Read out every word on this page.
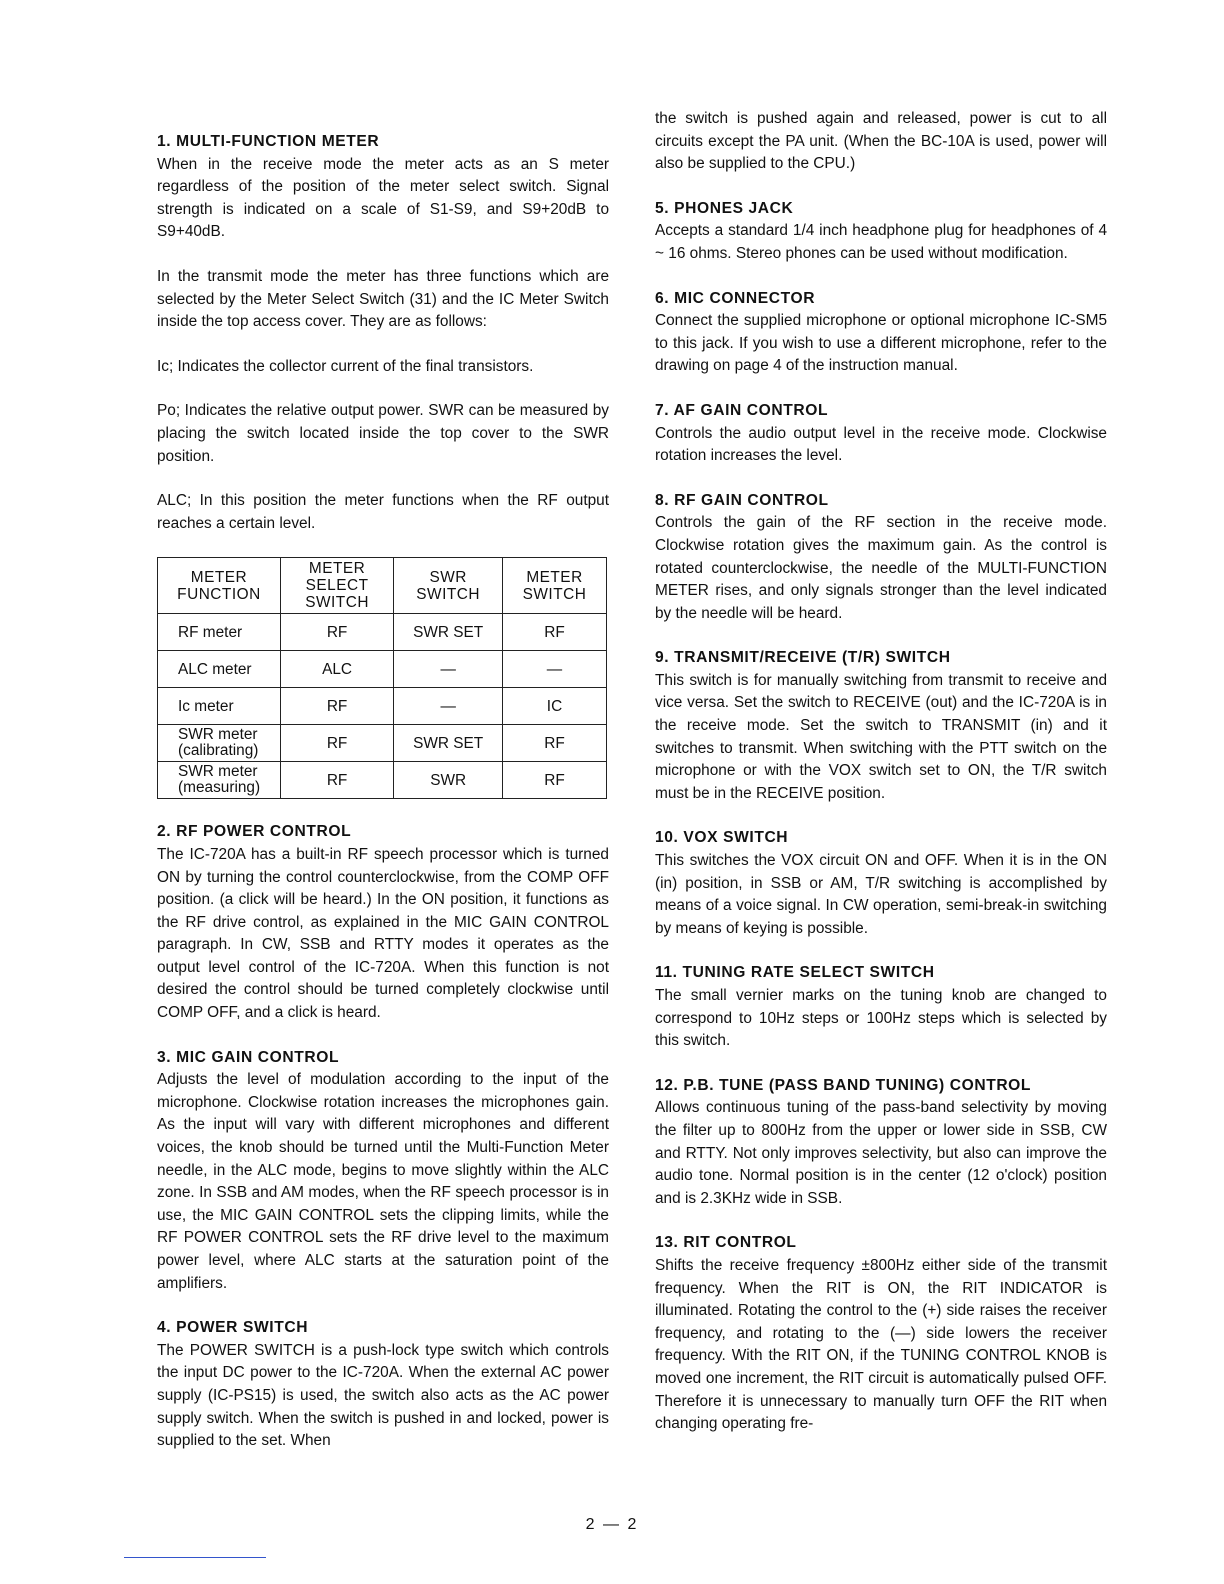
1. MULTI-FUNCTION METER

When in the receive mode the meter acts as an S meter regardless of the position of the meter select switch. Signal strength is indicated on a scale of S1-S9, and S9+20dB to S9+40dB.

In the transmit mode the meter has three functions which are selected by the Meter Select Switch (31) and the IC Meter Switch inside the top access cover. They are as follows:

Ic; Indicates the collector current of the final transistors.

Po; Indicates the relative output power. SWR can be measured by placing the switch located inside the top cover to the SWR position.

ALC; In this position the meter functions when the RF output reaches a certain level.

METER FUNCTION	METER SELECT SWITCH	SWR SWITCH	METER SWITCH
RF meter	RF	SWR SET	RF
ALC meter	ALC	—	—
Ic meter	RF	—	IC
SWR meter (calibrating)	RF	SWR SET	RF
SWR meter (measuring)	RF	SWR	RF
2. RF POWER CONTROL

The IC-720A has a built-in RF speech processor which is turned ON by turning the control counterclockwise, from the COMP OFF position. (a click will be heard.) In the ON position, it functions as the RF drive control, as explained in the MIC GAIN CONTROL paragraph. In CW, SSB and RTTY modes it operates as the output level control of the IC-720A. When this function is not desired the control should be turned completely clockwise until COMP OFF, and a click is heard.

3. MIC GAIN CONTROL

Adjusts the level of modulation according to the input of the microphone. Clockwise rotation increases the microphones gain. As the input will vary with different microphones and different voices, the knob should be turned until the Multi-Function Meter needle, in the ALC mode, begins to move slightly within the ALC zone. In SSB and AM modes, when the RF speech processor is in use, the MIC GAIN CONTROL sets the clipping limits, while the RF POWER CONTROL sets the RF drive level to the maximum power level, where ALC starts at the saturation point of the amplifiers.

4. POWER SWITCH

The POWER SWITCH is a push-lock type switch which controls the input DC power to the IC-720A. When the external AC power supply (IC-PS15) is used, the switch also acts as the AC power supply switch. When the switch is pushed in and locked, power is supplied to the set. When

the switch is pushed again and released, power is cut to all circuits except the PA unit. (When the BC-10A is used, power will also be supplied to the CPU.)

5. PHONES JACK

Accepts a standard 1/4 inch headphone plug for headphones of 4 ~ 16 ohms. Stereo phones can be used without modification.

6. MIC CONNECTOR

Connect the supplied microphone or optional microphone IC-SM5 to this jack. If you wish to use a different microphone, refer to the drawing on page 4 of the instruction manual.

7. AF GAIN CONTROL

Controls the audio output level in the receive mode. Clockwise rotation increases the level.

8. RF GAIN CONTROL

Controls the gain of the RF section in the receive mode. Clockwise rotation gives the maximum gain. As the control is rotated counterclockwise, the needle of the MULTI-FUNCTION METER rises, and only signals stronger than the level indicated by the needle will be heard.

9. TRANSMIT/RECEIVE (T/R) SWITCH

This switch is for manually switching from transmit to receive and vice versa. Set the switch to RECEIVE (out) and the IC-720A is in the receive mode. Set the switch to TRANSMIT (in) and it switches to transmit. When switching with the PTT switch on the microphone or with the VOX switch set to ON, the T/R switch must be in the RECEIVE position.

10. VOX SWITCH

This switches the VOX circuit ON and OFF. When it is in the ON (in) position, in SSB or AM, T/R switching is accomplished by means of a voice signal. In CW operation, semi-break-in switching by means of keying is possible.

11. TUNING RATE SELECT SWITCH

The small vernier marks on the tuning knob are changed to correspond to 10Hz steps or 100Hz steps which is selected by this switch.

12. P.B. TUNE (PASS BAND TUNING) CONTROL

Allows continuous tuning of the pass-band selectivity by moving the filter up to 800Hz from the upper or lower side in SSB, CW and RTTY. Not only improves selectivity, but also can improve the audio tone. Normal position is in the center (12 o'clock) position and is 2.3KHz wide in SSB.

13. RIT CONTROL

Shifts the receive frequency ±800Hz either side of the transmit frequency. When the RIT is ON, the RIT INDICATOR is illuminated. Rotating the control to the (+) side raises the receiver frequency, and rotating to the (—) side lowers the receiver frequency. With the RIT ON, if the TUNING CONTROL KNOB is moved one increment, the RIT circuit is automatically pulsed OFF. Therefore it is unnecessary to manually turn OFF the RIT when changing operating fre-

2 — 2
